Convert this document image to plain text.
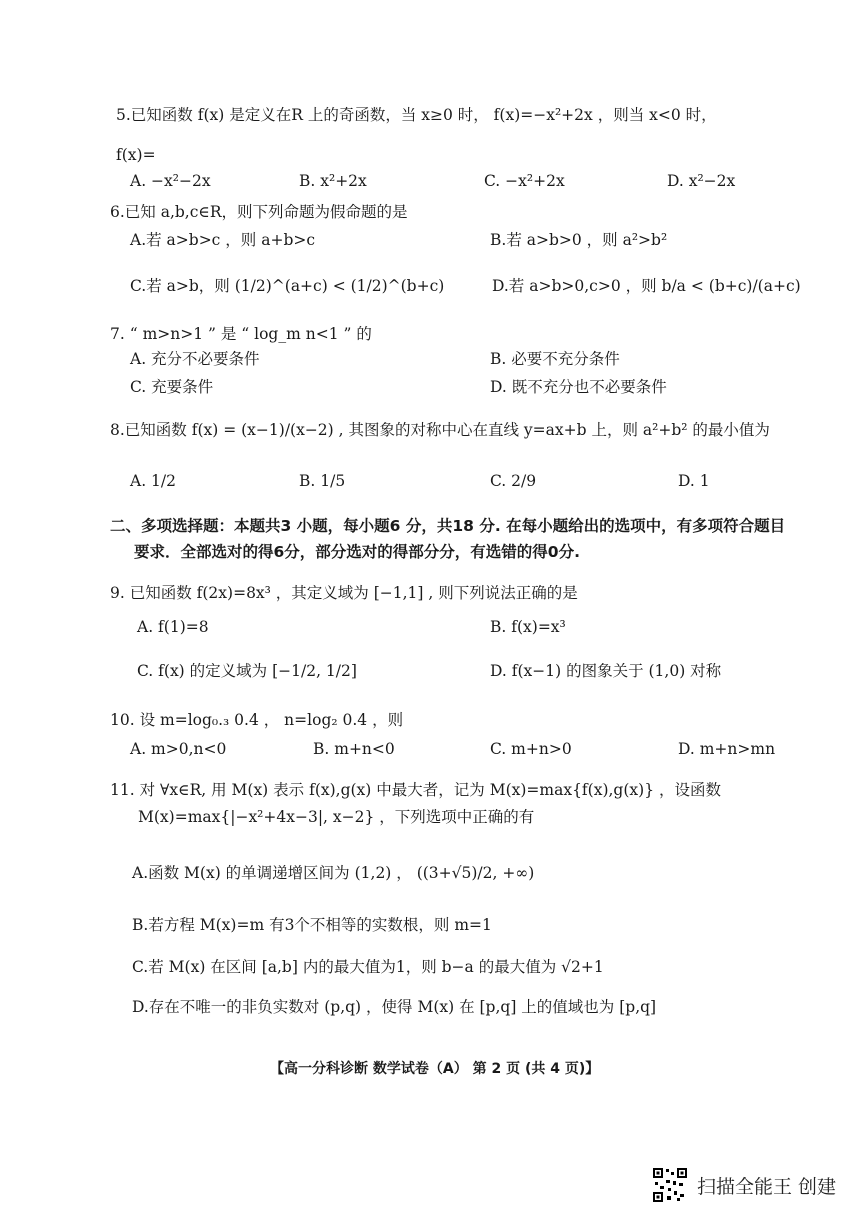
5.已知函数 f(x) 是定义在R 上的奇函数，当 x≥0 时， f(x)=−x²+2x ，则当 x<0 时，
f(x)=
A. −x²−2x	B. x²+2x	C. −x²+2x	D. x²−2x
6.已知 a,b,c∈R，则下列命题为假命题的是
A.若 a>b>c ，则 a+b>c	B.若 a>b>0 ，则 a²>b²
C.若 a>b，则 (1/2)^(a+c) < (1/2)^(b+c)	D.若 a>b>0,c>0 ，则 b/a < (b+c)/(a+c)
7. “ m>n>1 ” 是 “ log_m n<1 ” 的
A. 充分不必要条件	B. 必要不充分条件
C. 充要条件	D. 既不充分也不必要条件
8.已知函数 f(x) = (x−1)/(x−2) , 其图象的对称中心在直线 y=ax+b 上，则 a²+b² 的最小值为
A. 1/2	B. 1/5	C. 2/9	D. 1
二、多项选择题：本题共3 小题，每小题6 分，共18 分. 在每小题给出的选项中，有多项符合题目
要求．全部选对的得6分，部分选对的得部分分，有选错的得0分.
9. 已知函数 f(2x)=8x³ ，其定义域为 [−1,1] , 则下列说法正确的是
A. f(1)=8	B. f(x)=x³
C. f(x) 的定义域为 [−1/2, 1/2]	D. f(x−1) 的图象关于 (1,0) 对称
10. 设 m=log₀.₃ 0.4 ， n=log₂ 0.4 ，则
A. m>0,n<0	B. m+n<0	C. m+n>0	D. m+n>mn
11. 对 ∀x∈R, 用 M(x) 表示 f(x),g(x) 中最大者，记为 M(x)=max{f(x),g(x)} ，设函数
M(x)=max{|−x²+4x−3|, x−2} ，下列选项中正确的有
A.函数 M(x) 的单调递增区间为 (1,2) ， ((3+√5)/2, +∞)
B.若方程 M(x)=m 有3个不相等的实数根，则 m=1
C.若 M(x) 在区间 [a,b] 内的最大值为1，则 b−a 的最大值为 √2+1
D.存在不唯一的非负实数对 (p,q) ，使得 M(x) 在 [p,q] 上的值域也为 [p,q]
【高一分科诊断 数学试卷（A） 第 2 页 (共 4 页)】
扫描全能王 创建
